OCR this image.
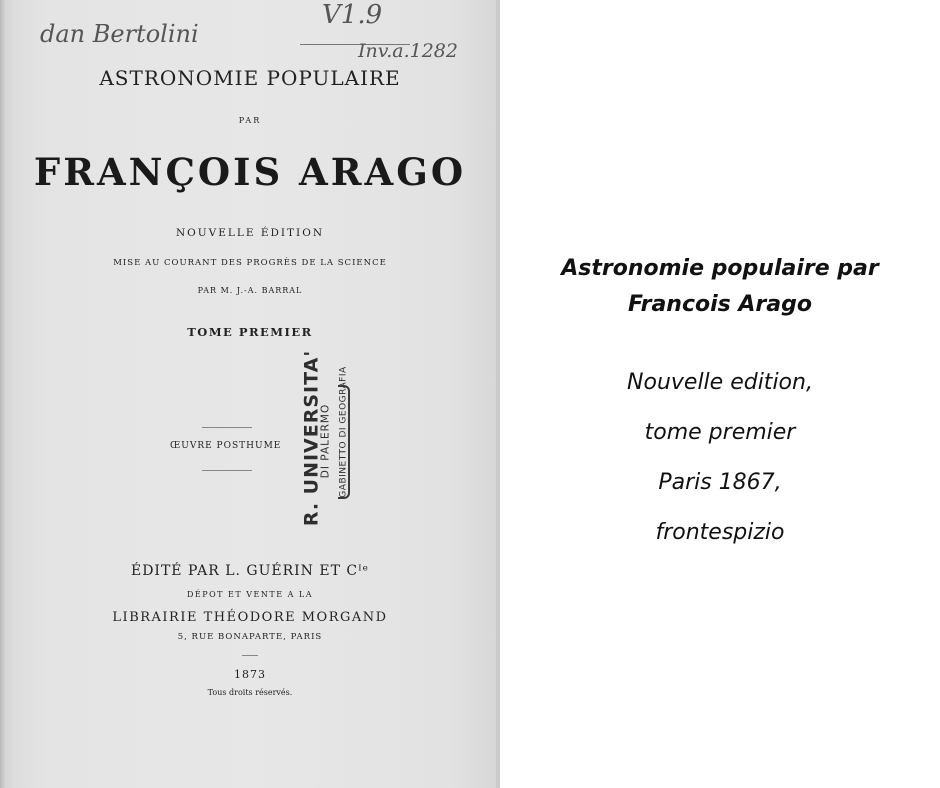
dan Bertolini
V1.9
Inv.a.1282
ASTRONOMIE POPULAIRE
PAR
FRANÇOIS ARAGO
NOUVELLE ÉDITION
MISE AU COURANT DES PROGRÈS DE LA SCIENCE
PAR M. J.-A. BARRAL
TOME PREMIER
ŒUVRE POSTHUME R. UNIVERSITA'
DI PALERMO GABINETTO DI GEOGRAFIA
ÉDITÉ PAR L. GUÉRIN ET Cᴵᵉ
DÉPOT ET VENTE A LA
LIBRAIRIE THÉODORE MORGAND
5, RUE BONAPARTE, PARIS
1873
Tous droits réservés.
Astronomie populaire par
Francois Arago
Nouvelle edition,
tome premier
Paris 1867,
frontespizio
